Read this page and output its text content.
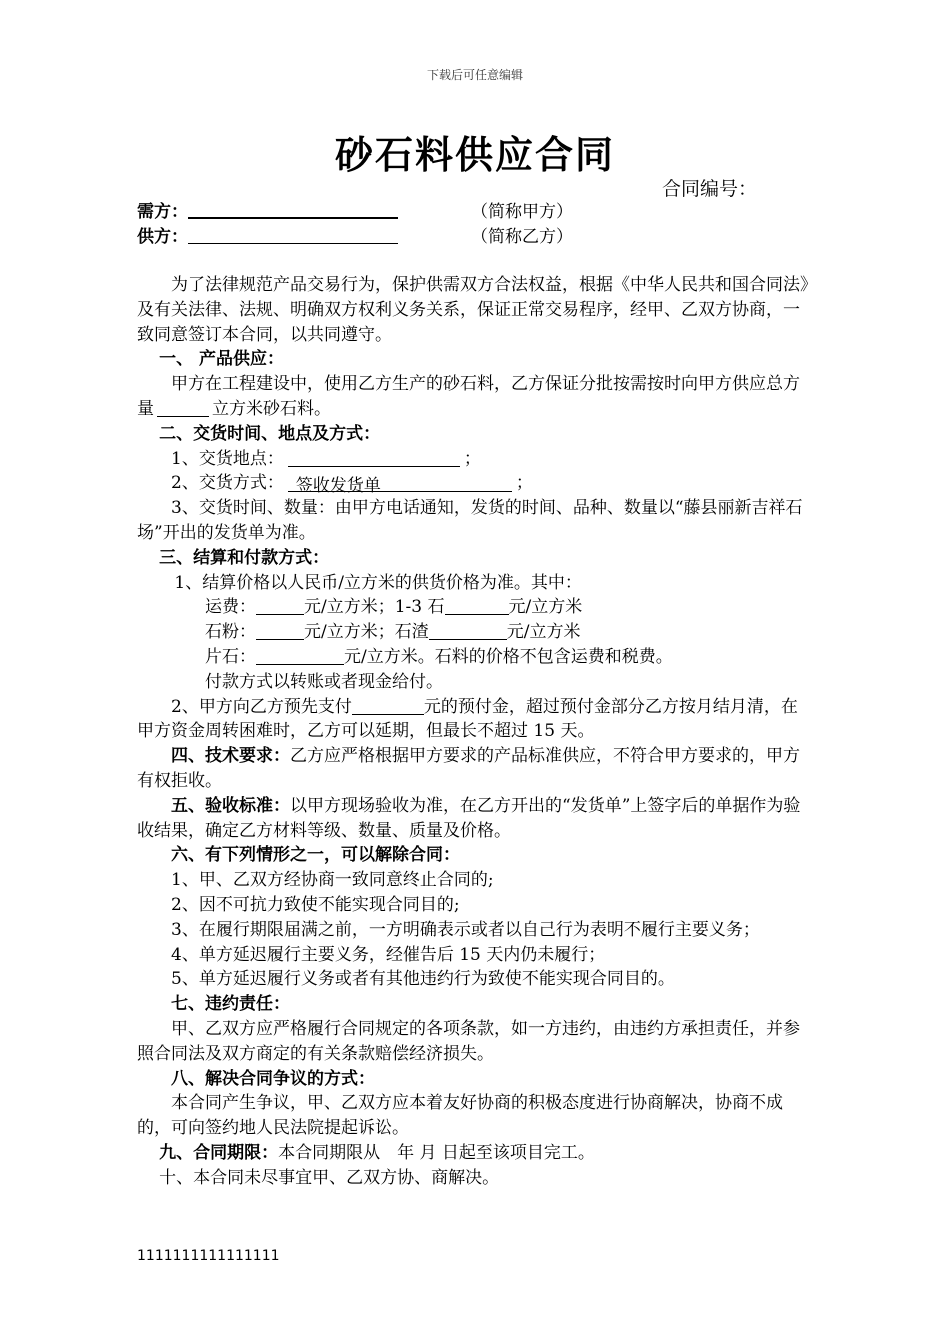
下载后可任意编辑
砂石料供应合同
合同编号：
需方：	（简称甲方）
供方：	（简称乙方）

为了法律规范产品交易行为，保护供需双方合法权益，根据《中华人民共和国合同法》及有关法律、法规、明确双方权利义务关系，保证正常交易程序，经甲、乙双方协商，一致同意签订本合同，以共同遵守。

一、 产品供应：

甲方在工程建设中，使用乙方生产的砂石料，乙方保证分批按需按时向甲方供应总方量	立方米砂石料。

二、交货时间、地点及方式：

1、交货地点：	；

2、交货方式： 签收发货单	；

3、交货时间、数量：由甲方电话通知，发货的时间、品种、数量以“藤县丽新吉祥石场”开出的发货单为准。

三、结算和付款方式：

1、结算价格以人民币/立方米的供货价格为准。其中：

运费：	元/立方米；1-3 石	元/立方米

石粉：	元/立方米；石渣	元/立方米

片石：	元/立方米。石料的价格不包含运费和税费。

付款方式以转账或者现金给付。

2、甲方向乙方预先支付	元的预付金，超过预付金部分乙方按月结月清，在甲方资金周转困难时，乙方可以延期，但最长不超过 15 天。

四、技术要求：乙方应严格根据甲方要求的产品标准供应，不符合甲方要求的，甲方有权拒收。

五、验收标准：以甲方现场验收为准，在乙方开出的“发货单”上签字后的单据作为验收结果，确定乙方材料等级、数量、质量及价格。

六、有下列情形之一，可以解除合同：

1、甲、乙双方经协商一致同意终止合同的;

2、因不可抗力致使不能实现合同目的;

3、在履行期限届满之前，一方明确表示或者以自己行为表明不履行主要义务；

4、单方延迟履行主要义务，经催告后 15 天内仍未履行；

5、单方延迟履行义务或者有其他违约行为致使不能实现合同目的。

七、违约责任：

甲、乙双方应严格履行合同规定的各项条款，如一方违约，由违约方承担责任，并参照合同法及双方商定的有关条款赔偿经济损失。

八、解决合同争议的方式：

本合同产生争议，甲、乙双方应本着友好协商的积极态度进行协商解决，协商不成的，可向签约地人民法院提起诉讼。

九、合同期限：本合同期限从　年 月 日起至该项目完工。

十、本合同未尽事宜甲、乙双方协、商解决。

1111111111111111
